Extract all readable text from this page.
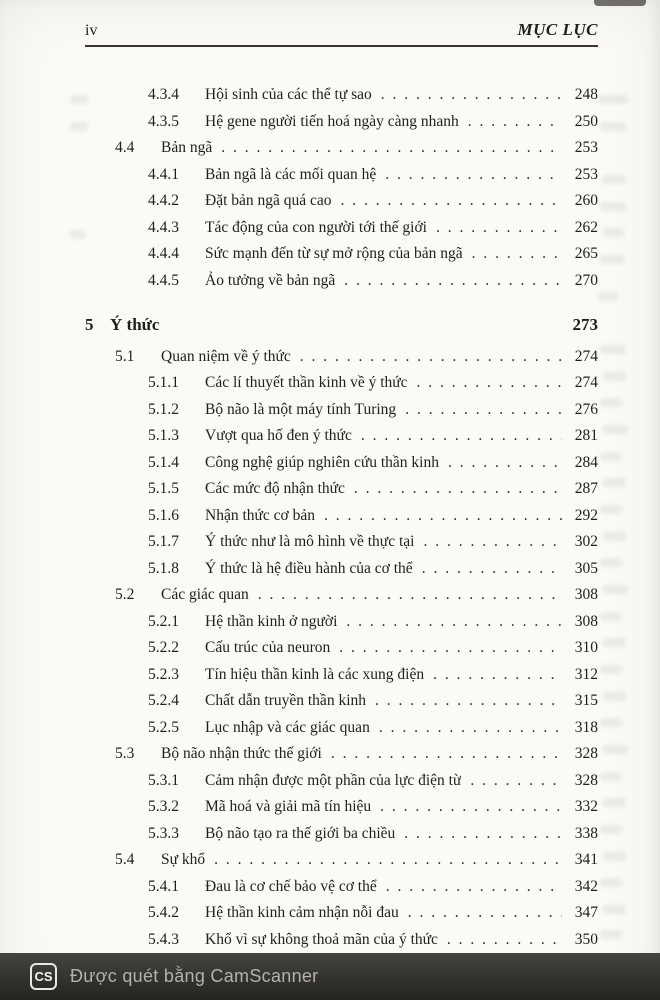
iv	MỤC LỤC
4.3.4	Hội sinh của các thể tự sao . . .	248
4.3.5	Hệ gene người tiến hoá ngày càng nhanh . . .	250
4.4	Bản ngã . . .	253
4.4.1	Bản ngã là các mối quan hệ . . .	253
4.4.2	Đặt bản ngã quá cao . . .	260
4.4.3	Tác động của con người tới thế giới . . .	262
4.4.4	Sức mạnh đến từ sự mở rộng của bản ngã . . .	265
4.4.5	Ảo tưởng về bản ngã . . .	270
5 Ý thức	273
5.1	Quan niệm về ý thức . . .	274
5.1.1	Các lí thuyết thần kinh về ý thức . . .	274
5.1.2	Bộ não là một máy tính Turing . . .	276
5.1.3	Vượt qua hố đen ý thức . . .	281
5.1.4	Công nghệ giúp nghiên cứu thần kinh . . .	284
5.1.5	Các mức độ nhận thức . . .	287
5.1.6	Nhận thức cơ bản . . .	292
5.1.7	Ý thức như là mô hình về thực tại . . .	302
5.1.8	Ý thức là hệ điều hành của cơ thể . . .	305
5.2	Các giác quan . . .	308
5.2.1	Hệ thần kinh ở người . . .	308
5.2.2	Cấu trúc của neuron . . .	310
5.2.3	Tín hiệu thần kinh là các xung điện . . .	312
5.2.4	Chất dẫn truyền thần kinh . . .	315
5.2.5	Lục nhập và các giác quan . . .	318
5.3	Bộ não nhận thức thế giới . . .	328
5.3.1	Cảm nhận được một phần của lực điện từ . . .	328
5.3.2	Mã hoá và giải mã tín hiệu . . .	332
5.3.3	Bộ não tạo ra thế giới ba chiều . . .	338
5.4	Sự khổ . . .	341
5.4.1	Đau là cơ chế bảo vệ cơ thể . . .	342
5.4.2	Hệ thần kinh cảm nhận nỗi đau . . .	347
5.4.3	Khổ vì sự không thoả mãn của ý thức . . .	350
CS Được quét bằng CamScanner
